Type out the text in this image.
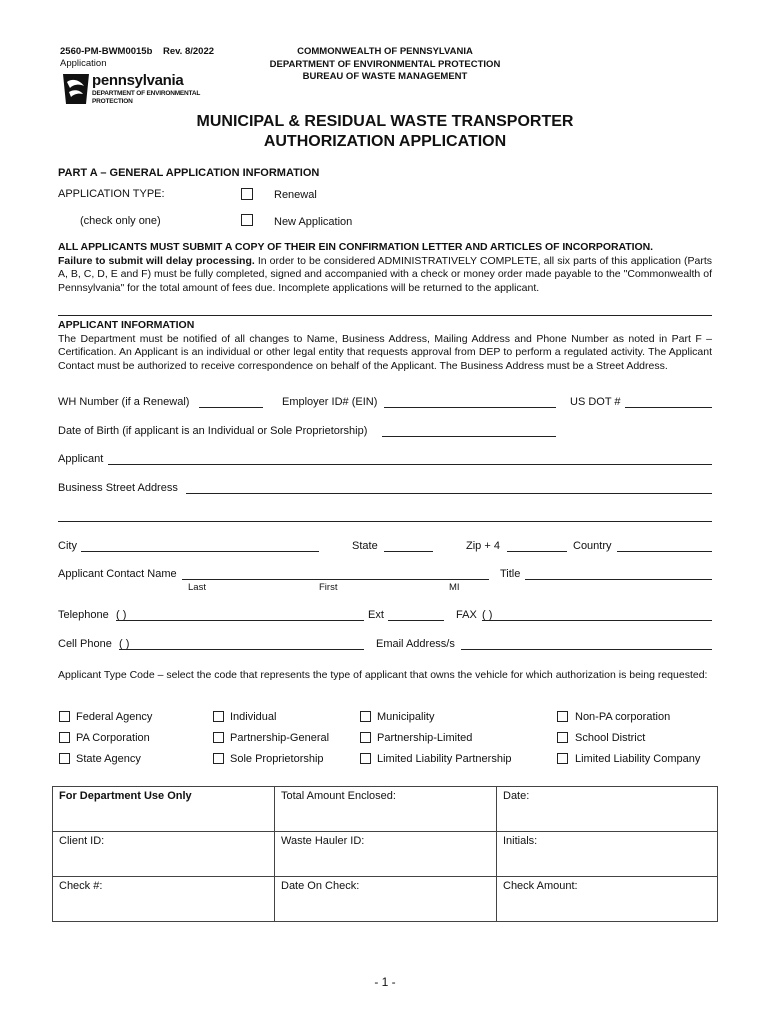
2560-PM-BWM0015b Rev. 8/2022
Application
COMMONWEALTH OF PENNSYLVANIA
DEPARTMENT OF ENVIRONMENTAL PROTECTION
BUREAU OF WASTE MANAGEMENT
pennsylvania
DEPARTMENT OF ENVIRONMENTAL
PROTECTION
MUNICIPAL & RESIDUAL WASTE TRANSPORTER
AUTHORIZATION APPLICATION
PART A – GENERAL APPLICATION INFORMATION
APPLICATION TYPE:	Renewal
(check only one)	New Application
ALL APPLICANTS MUST SUBMIT A COPY OF THEIR EIN CONFIRMATION LETTER AND ARTICLES OF INCORPORATION.
Failure to submit will delay processing. In order to be considered ADMINISTRATIVELY COMPLETE, all six parts of this application (Parts A, B, C, D, E and F) must be fully completed, signed and accompanied with a check or money order made payable to the "Commonwealth of Pennsylvania" for the total amount of fees due. Incomplete applications will be returned to the applicant.
APPLICANT INFORMATION
The Department must be notified of all changes to Name, Business Address, Mailing Address and Phone Number as noted in Part F – Certification. An Applicant is an individual or other legal entity that requests approval from DEP to perform a regulated activity. The Applicant Contact must be authorized to receive correspondence on behalf of the Applicant. The Business Address must be a Street Address.
WH Number (if a Renewal)	Employer ID# (EIN)	US DOT #
Date of Birth (if applicant is an Individual or Sole Proprietorship)
Applicant
Business Street Address
City	State	Zip + 4	Country
Applicant Contact Name	Title
Last	First	MI
Telephone ( )	Ext	FAX ( )
Cell Phone ( )	Email Address/s
Applicant Type Code – select the code that represents the type of applicant that owns the vehicle for which authorization is being requested:
Federal Agency	Individual	Municipality	Non-PA corporation
PA Corporation	Partnership-General	Partnership-Limited	School District
State Agency	Sole Proprietorship	Limited Liability Partnership	Limited Liability Company
For Department Use Only	Total Amount Enclosed:	Date:
Client ID:	Waste Hauler ID:	Initials:
Check #:	Date On Check:	Check Amount:
- 1 -
